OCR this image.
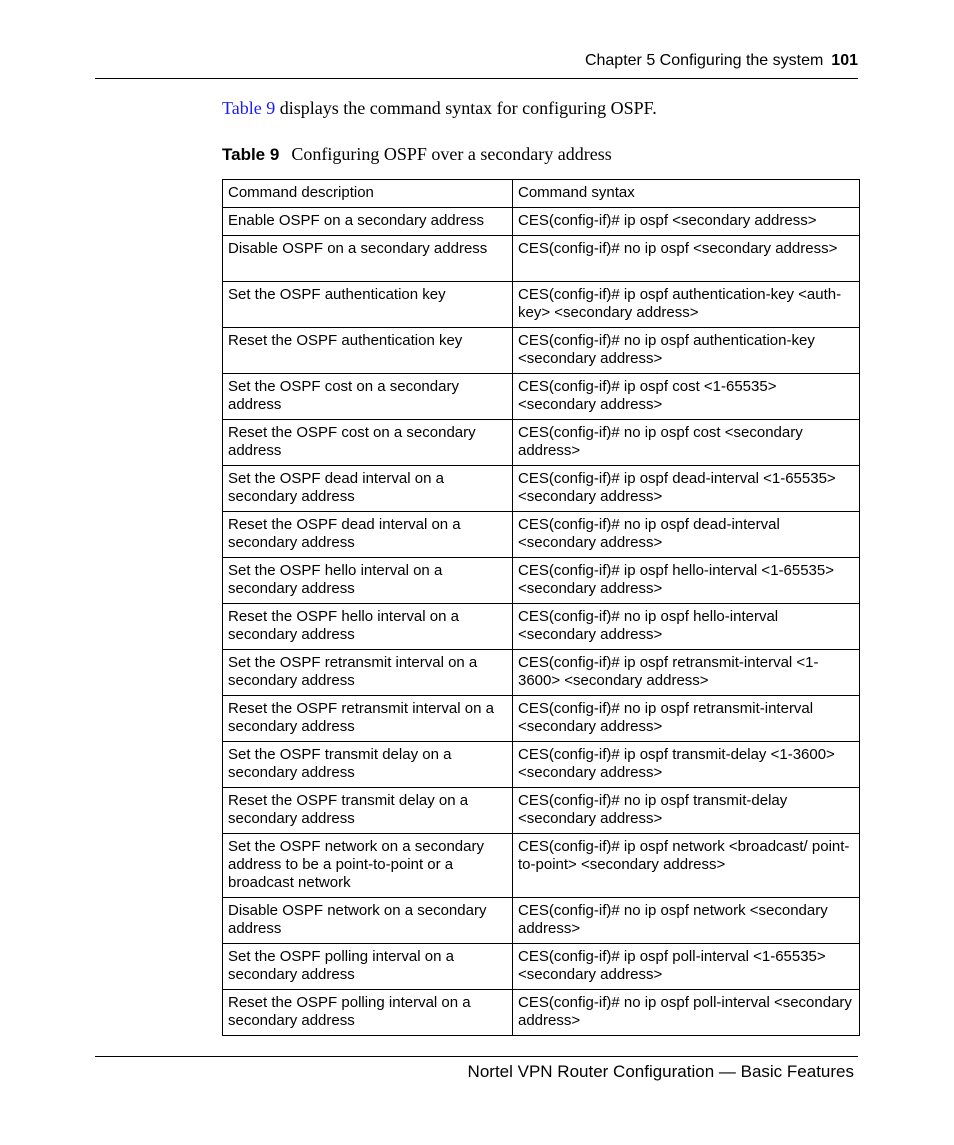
Chapter 5 Configuring the system 101
Table 9 displays the command syntax for configuring OSPF.
Table 9 Configuring OSPF over a secondary address
Command description	Command syntax
Enable OSPF on a secondary address	CES(config-if)# ip ospf <secondary address>
Disable OSPF on a secondary address	CES(config-if)# no ip ospf <secondary address>
Set the OSPF authentication key	CES(config-if)# ip ospf authentication-key <auth-key> <secondary address>
Reset the OSPF authentication key	CES(config-if)# no ip ospf authentication-key <secondary address>
Set the OSPF cost on a secondary address	CES(config-if)# ip ospf cost <1-65535> <secondary address>
Reset the OSPF cost on a secondary address	CES(config-if)# no ip ospf cost <secondary address>
Set the OSPF dead interval on a secondary address	CES(config-if)# ip ospf dead-interval <1-65535> <secondary address>
Reset the OSPF dead interval on a secondary address	CES(config-if)# no ip ospf dead-interval <secondary address>
Set the OSPF hello interval on a secondary address	CES(config-if)# ip ospf hello-interval <1-65535> <secondary address>
Reset the OSPF hello interval on a secondary address	CES(config-if)# no ip ospf hello-interval <secondary address>
Set the OSPF retransmit interval on a secondary address	CES(config-if)# ip ospf retransmit-interval <1-3600> <secondary address>
Reset the OSPF retransmit interval on a secondary address	CES(config-if)# no ip ospf retransmit-interval <secondary address>
Set the OSPF transmit delay on a secondary address	CES(config-if)# ip ospf transmit-delay <1-3600> <secondary address>
Reset the OSPF transmit delay on a secondary address	CES(config-if)# no ip ospf transmit-delay <secondary address>
Set the OSPF network on a secondary address to be a point-to-point or a broadcast network	CES(config-if)# ip ospf network <broadcast/ point-to-point> <secondary address>
Disable OSPF network on a secondary address	CES(config-if)# no ip ospf network <secondary address>
Set the OSPF polling interval on a secondary address	CES(config-if)# ip ospf poll-interval <1-65535> <secondary address>
Reset the OSPF polling interval on a secondary address	CES(config-if)# no ip ospf poll-interval <secondary address>
Nortel VPN Router Configuration — Basic Features
